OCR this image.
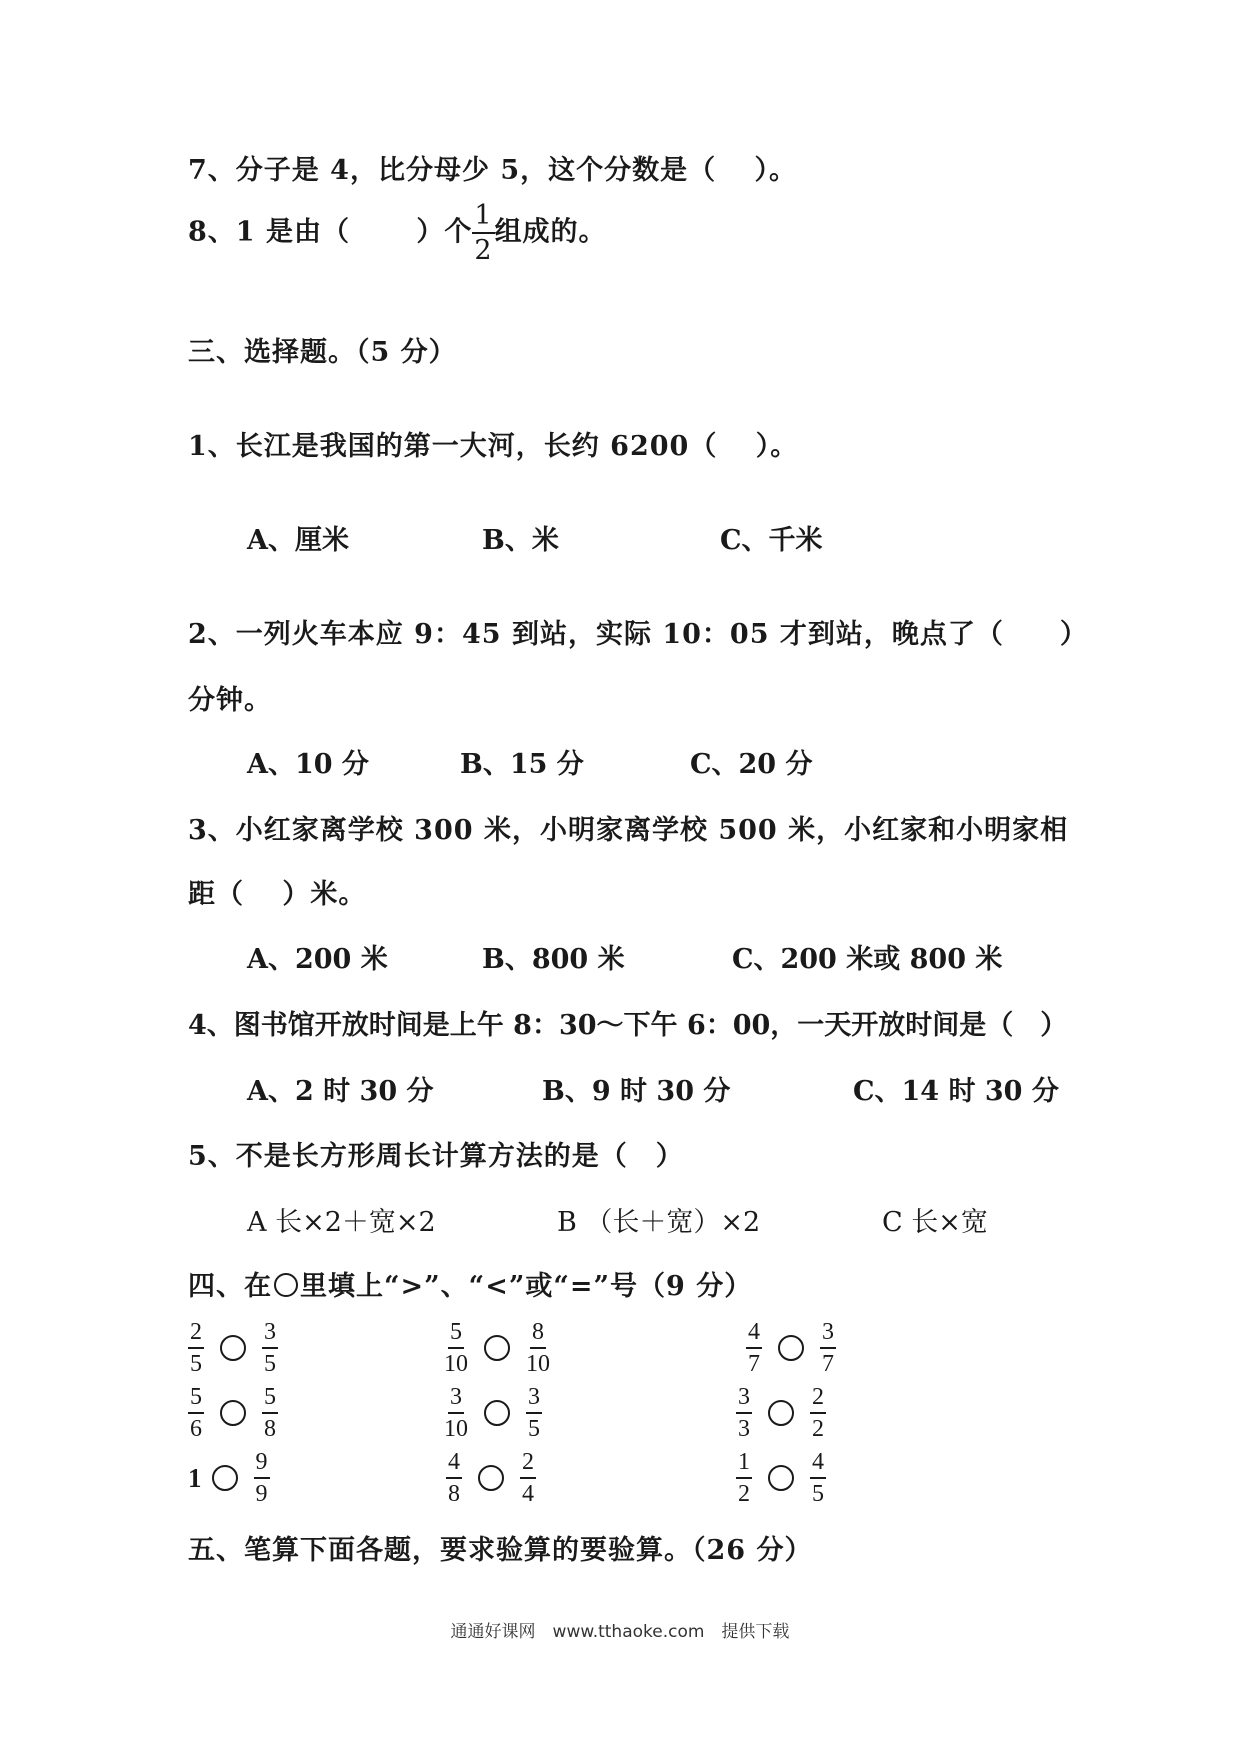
7、分子是 4，比分母少 5，这个分数是（　 ）。
8、1 是由（　　 ）个 $\frac{1}{2}$ 组成的。
三、选择题。（5 分）
1、长江是我国的第一大河，长约 6200（　 ）。
A、厘米	B、米	C、千米
2、一列火车本应 9：45 到站，实际 10：05 才到站，晚点了（　　）
分钟。
A、10 分	B、15 分	C、20 分
3、小红家离学校 300 米，小明家离学校 500 米，小红家和小明家相
距（　 ）米。
A、200 米	B、800 米	C、200 米或 800 米
4、图书馆开放时间是上午 8：30～下午 6：00，一天开放时间是（　）
A、2 时 30 分	B、9 时 30 分	C、14 时 30 分
5、不是长方形周长计算方法的是（　）
A 长×2＋宽×2	B （长＋宽）×2	C 长×宽
四、在 里填上“>”、“<”或“=”号（9 分）
$\frac{2}{5} \frac{3}{5}$	$\frac{5}{10} \frac{8}{10}$	$\frac{4}{7} \frac{3}{7}$
$\frac{5}{6} \frac{5}{8}$	$\frac{3}{10} \frac{3}{5}$	$\frac{3}{3} \frac{2}{2}$
$1 \frac{9}{9}$	$\frac{4}{8} \frac{2}{4}$	$\frac{1}{2} \frac{4}{5}$
五、笔算下面各题，要求验算的要验算。（26 分）
通通好课网　www.tthaoke.com　提供下载
